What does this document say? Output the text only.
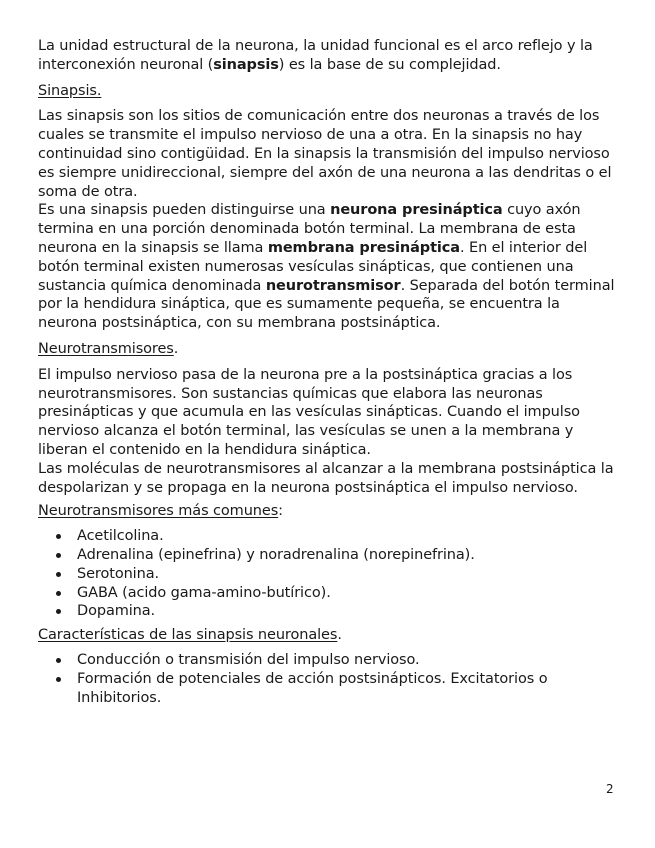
La unidad estructural de la neurona, la unidad funcional es el arco reflejo y la interconexión neuronal (sinapsis) es la base de su complejidad.

Sinapsis.

Las sinapsis son los sitios de comunicación entre dos neuronas a través de los cuales se transmite el impulso nervioso de una a otra. En la sinapsis no hay continuidad sino contigüidad. En la sinapsis la transmisión del impulso nervioso es siempre unidireccional, siempre del axón de una neurona a las dendritas o el soma de otra.

Es una sinapsis pueden distinguirse una neurona presináptica cuyo axón termina en una porción denominada botón terminal. La membrana de esta neurona en la sinapsis se llama membrana presináptica. En el interior del botón terminal existen numerosas vesículas sinápticas, que contienen una sustancia química denominada neurotransmisor. Separada del botón terminal por la hendidura sináptica, que es sumamente pequeña, se encuentra la neurona postsináptica, con su membrana postsináptica.

Neurotransmisores.

El impulso nervioso pasa de la neurona pre a la postsináptica gracias a los neurotransmisores. Son sustancias químicas que elabora las neuronas presinápticas y que acumula en las vesículas sinápticas. Cuando el impulso nervioso alcanza el botón terminal, las vesículas se unen a la membrana y liberan el contenido en la hendidura sináptica.

Las moléculas de neurotransmisores al alcanzar a la membrana postsináptica la despolarizan y se propaga en la neurona postsináptica el impulso nervioso.

Neurotransmisores más comunes:

Acetilcolina.
Adrenalina (epinefrina) y noradrenalina (norepinefrina).
Serotonina.
GABA (acido gama-amino-butírico).
Dopamina.

Características de las sinapsis neuronales.

Conducción o transmisión del impulso nervioso.
Formación de potenciales de acción postsinápticos. Excitatorios o Inhibitorios.
2
